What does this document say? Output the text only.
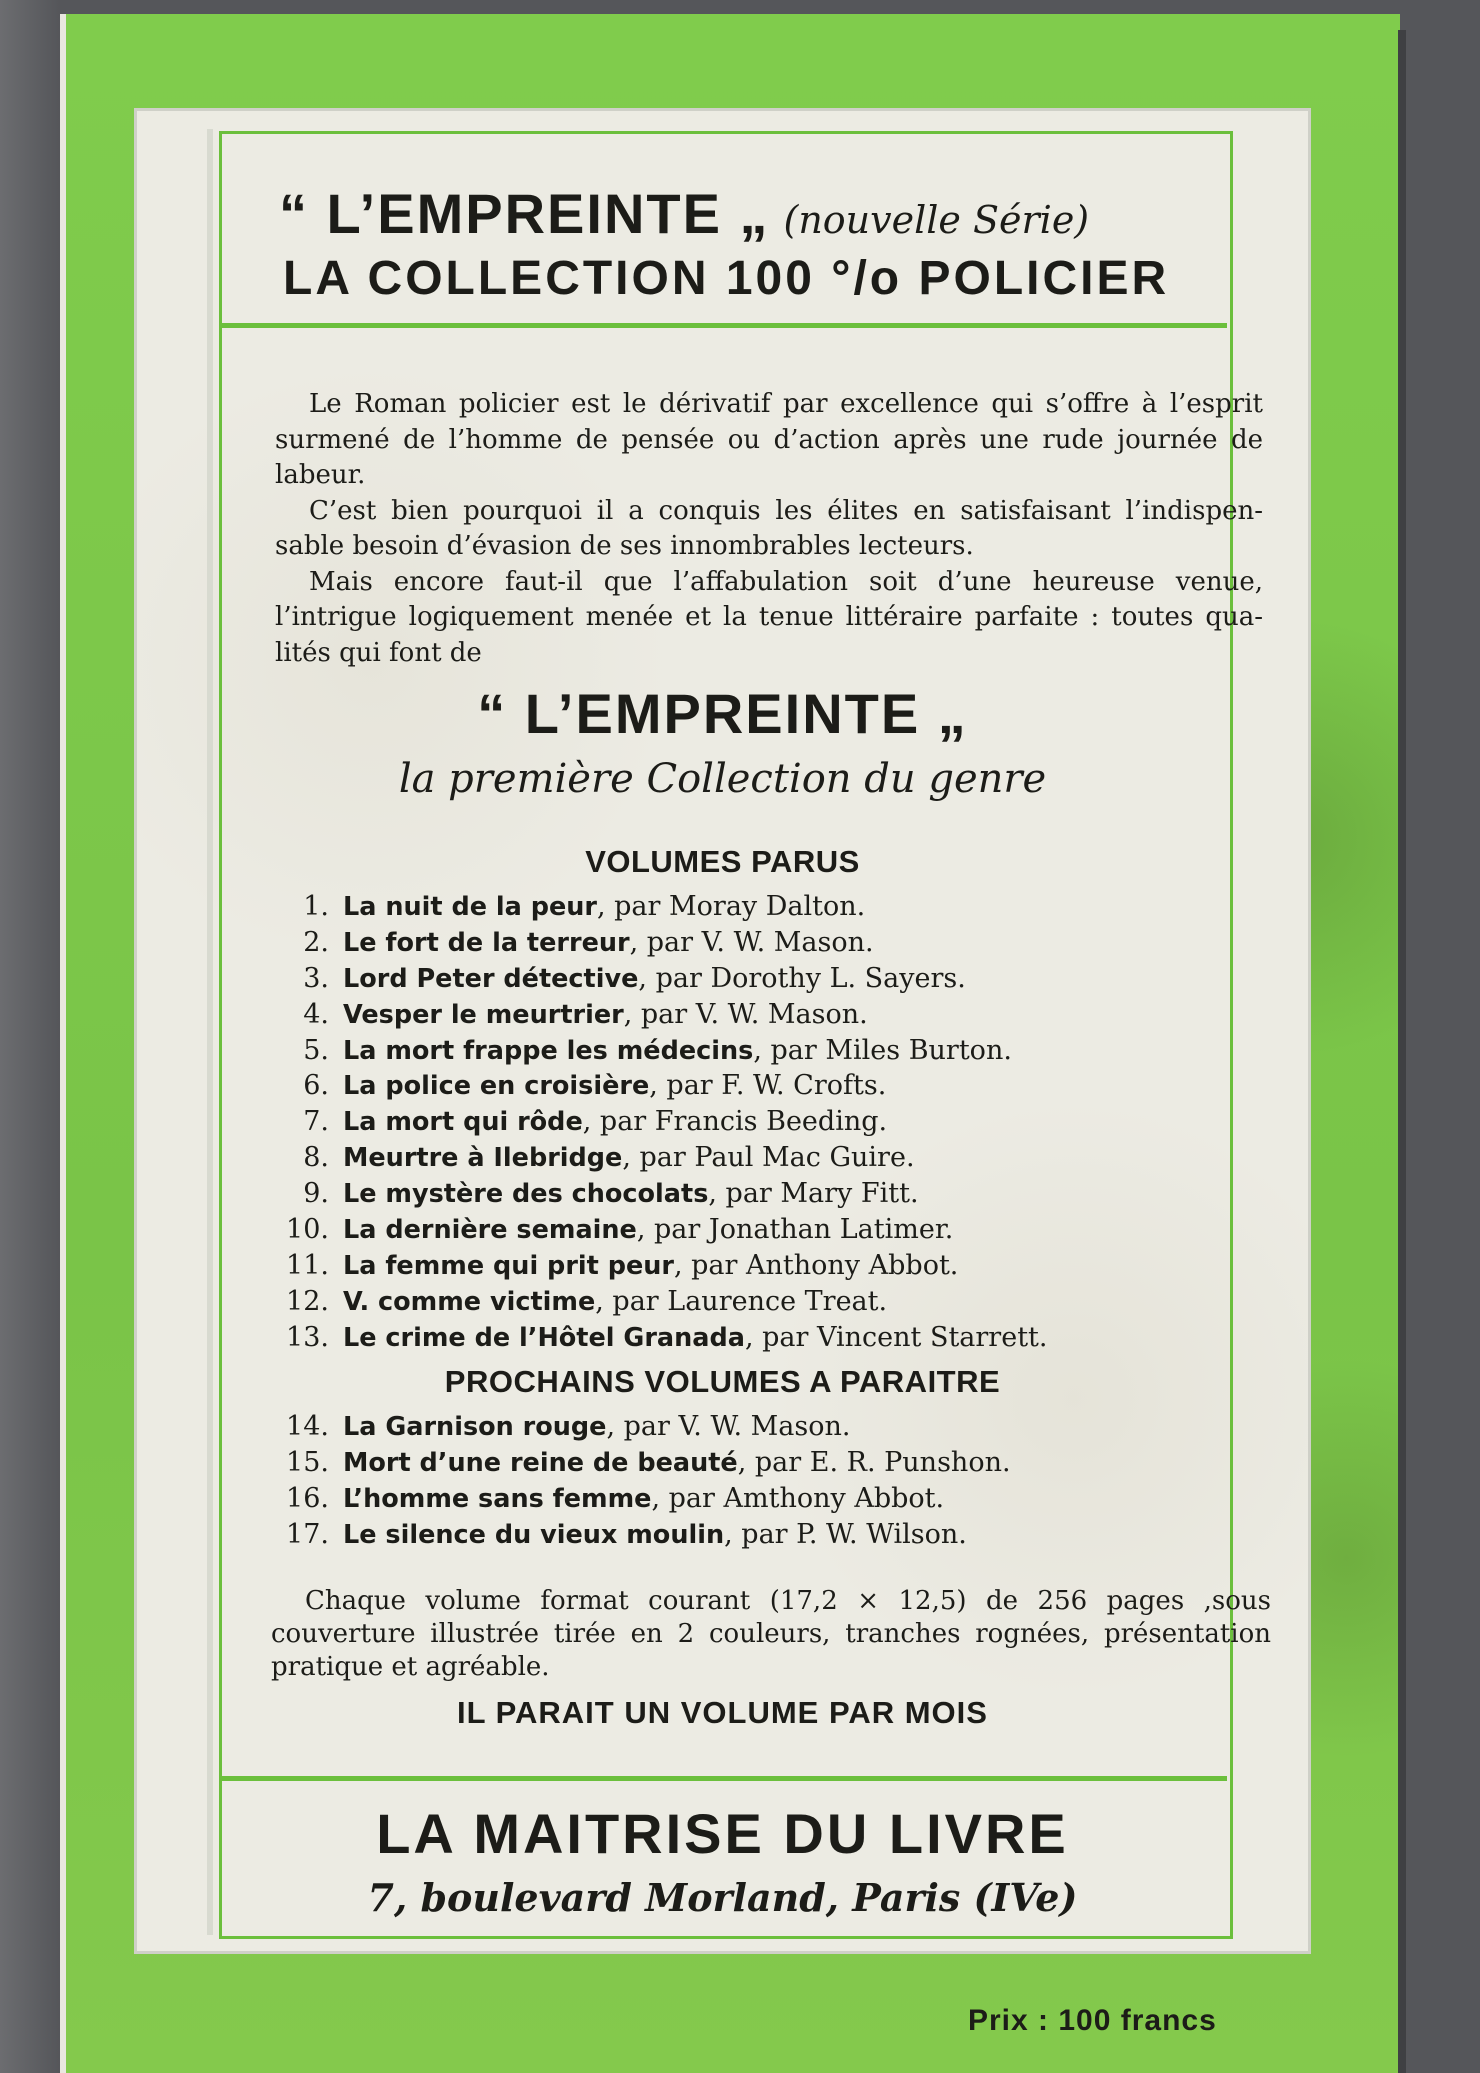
“ L’EMPREINTE „ (nouvelle Série)
LA COLLECTIOΝ 100 °/o POLICIER

Le Roman policier est le dérivatif par excellence qui s’offre à l’esprit surmené de l’homme de pensée ou d’action après une rude journée de labeur.

C’est bien pourquoi il a conquis les élites en satisfaisant l’indispen-sable besoin d’évasion de ses innombrables lecteurs.

Mais encore faut-il que l’affabulation soit d’une heureuse venue, l’intrigue logiquement menée et la tenue littéraire parfaite : toutes qua-lités qui font de

“ L’EMPREINTE „
la première Collection du genre
VOLUMES PARUS
1. La nuit de la peur, par Moray Dalton.
2. Le fort de la terreur, par V. W. Mason.
3. Lord Peter détective, par Dorothy L. Sayers.
4. Vesper le meurtrier, par V. W. Mason.
5. La mort frappe les médecins, par Miles Burton.
6. La police en croisière, par F. W. Crofts.
7. La mort qui rôde, par Francis Beeding.
8. Meurtre à Ilebridge, par Paul Mac Guire.
9. Le mystère des chocolats, par Mary Fitt.
10. La dernière semaine, par Jonathan Latimer.
11. La femme qui prit peur, par Anthony Abbot.
12. V. comme victime, par Laurence Treat.
13. Le crime de l’Hôtel Granada, par Vincent Starrett.
PROCHAINS VOLUMES A PARAITRE
14. La Garnison rouge, par V. W. Mason.
15. Mort d’une reine de beauté, par E. R. Punshon.
16. L’homme sans femme, par Amthony Abbot.
17. Le silence du vieux moulin, par P. W. Wilson.

Chaque volume format courant (17,2 × 12,5) de 256 pages ,sous couverture illustrée tirée en 2 couleurs, tranches rognées, présentation pratique et agréable.

IL PARAIT UN VOLUME PAR MOIS
LA MAITRISE DU LIVRE
7, boulevard Morland, Paris (IVe)
Prix : 100 francs
